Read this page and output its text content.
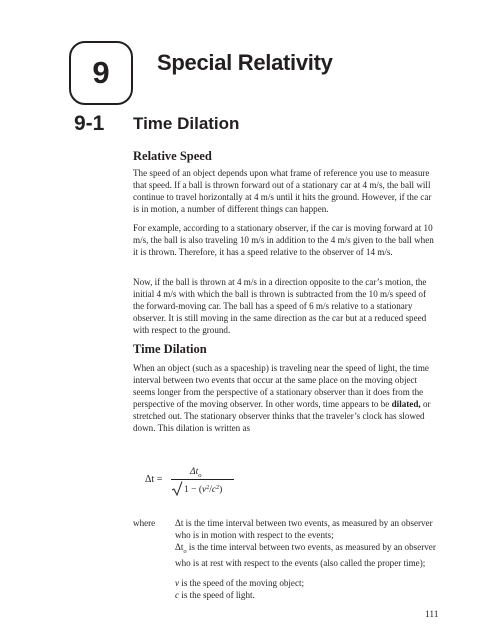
9 Special Relativity
9-1 Time Dilation
Relative Speed

The speed of an object depends upon what frame of reference you use to measure that speed. If a ball is thrown forward out of a stationary car at 4 m/s, the ball will continue to travel horizontally at 4 m/s until it hits the ground. However, if the car is in motion, a number of different things can happen.

For example, according to a stationary observer, if the car is moving forward at 10 m/s, the ball is also traveling 10 m/s in addition to the 4 m/s given to the ball when it is thrown. Therefore, it has a speed relative to the observer of 14 m/s.

Now, if the ball is thrown at 4 m/s in a direction opposite to the car’s motion, the initial 4 m/s with which the ball is thrown is subtracted from the 10 m/s speed of the forward-moving car. The ball has a speed of 6 m/s relative to a stationary observer. It is still moving in the same direction as the car but at a reduced speed with respect to the ground.

Time Dilation

When an object (such as a spaceship) is traveling near the speed of light, the time interval between two events that occur at the same place on the moving object seems longer from the perspective of a stationary observer than it does from the perspective of the moving observer. In other words, time appears to be dilated, or stretched out. The stationary observer thinks that the traveler’s clock has slowed down. This dilation is written as

Δt =
$\Delta t_o$
$1 - (v^2/c^2)$
where Δt is the time interval between two events, as measured by an observer who is in motion with respect to the events;

$\Delta t_o$ is the time interval between two events, as measured by an observer who is at rest with respect to the events (also called the proper time);

v is the speed of the moving object;

c is the speed of light.

111
